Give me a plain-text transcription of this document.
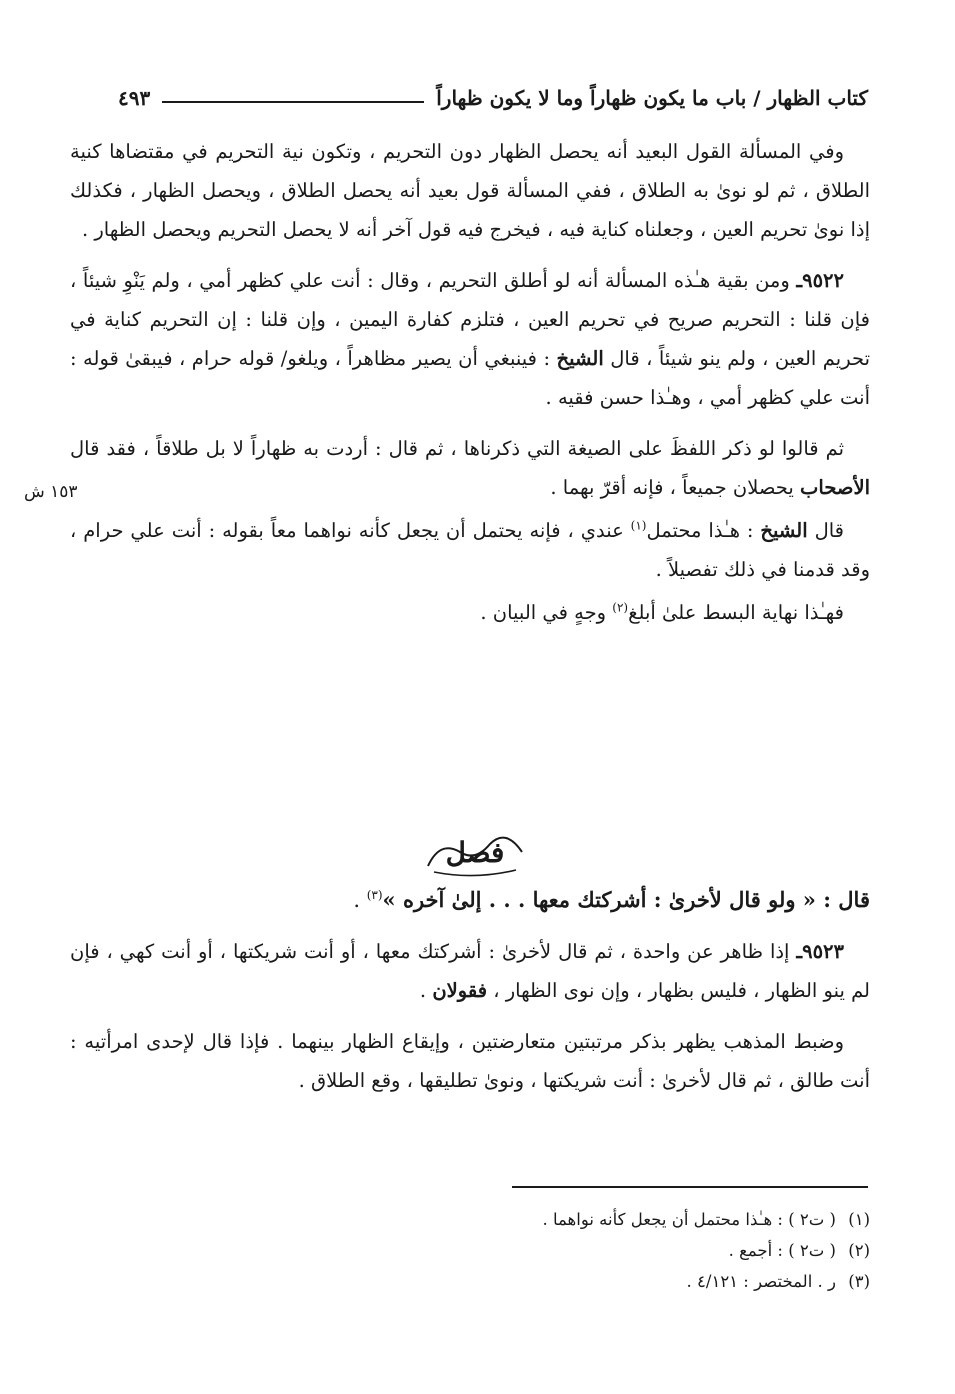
كتاب الظهار / باب ما يكون ظهاراً وما لا يكون ظهاراً
٤٩٣
١٥٣ ش

وفي المسألة القول البعيد أنه يحصل الظهار دون التحريم ، وتكون نية التحريم في مقتضاها كنية الطلاق ، ثم لو نوىٰ به الطلاق ، ففي المسألة قول بعيد أنه يحصل الطلاق ، ويحصل الظهار ، فكذلك إذا نوىٰ تحريم العين ، وجعلناه كناية فيه ، فيخرج فيه قول آخر أنه لا يحصل التحريم ويحصل الظهار .

٩٥٢٢ـ ومن بقية هـٰذه المسألة أنه لو أطلق التحريم ، وقال : أنت علي كظهر أمي ، ولم يَنْوِ شيئاً ، فإن قلنا : التحريم صريح في تحريم العين ، فتلزم كفارة اليمين ، وإن قلنا : إن التحريم كناية في تحريم العين ، ولم ينو شيئاً ، قال الشيخ : فينبغي أن يصير مظاهراً ، ويلغو/ قوله حرام ، فيبقىٰ قوله : أنت علي كظهر أمي ، وهـٰذا حسن فقيه .

ثم قالوا لو ذكر اللفظَ على الصيغة التي ذكرناها ، ثم قال : أردت به ظهاراً لا بل طلاقاً ، فقد قال الأصحاب يحصلان جميعاً ، فإنه أقرّ بهما .

قال الشيخ : هـٰذا محتمل$^{(١)}$ عندي ، فإنه يحتمل أن يجعل كأنه نواهما معاً بقوله : أنت علي حرام ، وقد قدمنا في ذلك تفصيلاً .

فهـٰذا نهاية البسط علىٰ أبلغ$^{(٢)}$ وجهٍ في البيان .

فصل

قال : « ولو قال لأخرىٰ : أشركتك معها . . . إلىٰ آخره »$^{(٣)}$ .

٩٥٢٣ـ إذا ظاهر عن واحدة ، ثم قال لأخرىٰ : أشركتك معها ، أو أنت شريكتها ، أو أنت كهي ، فإن لم ينو الظهار ، فليس بظهار ، وإن نوى الظهار ، فقولان .

وضبط المذهب يظهر بذكر مرتبتين متعارضتين ، وإيقاع الظهار بينهما . فإذا قال لإحدى امرأتيه : أنت طالق ، ثم قال لأخرىٰ : أنت شريكتها ، ونوىٰ تطليقها ، وقع الطلاق .

(١)( ت٢ ) : هـٰذا محتمل أن يجعل كأنه نواهما .
(٢)( ت٢ ) : أجمع .
(٣)ر . المختصر : ٤/١٢١ .
